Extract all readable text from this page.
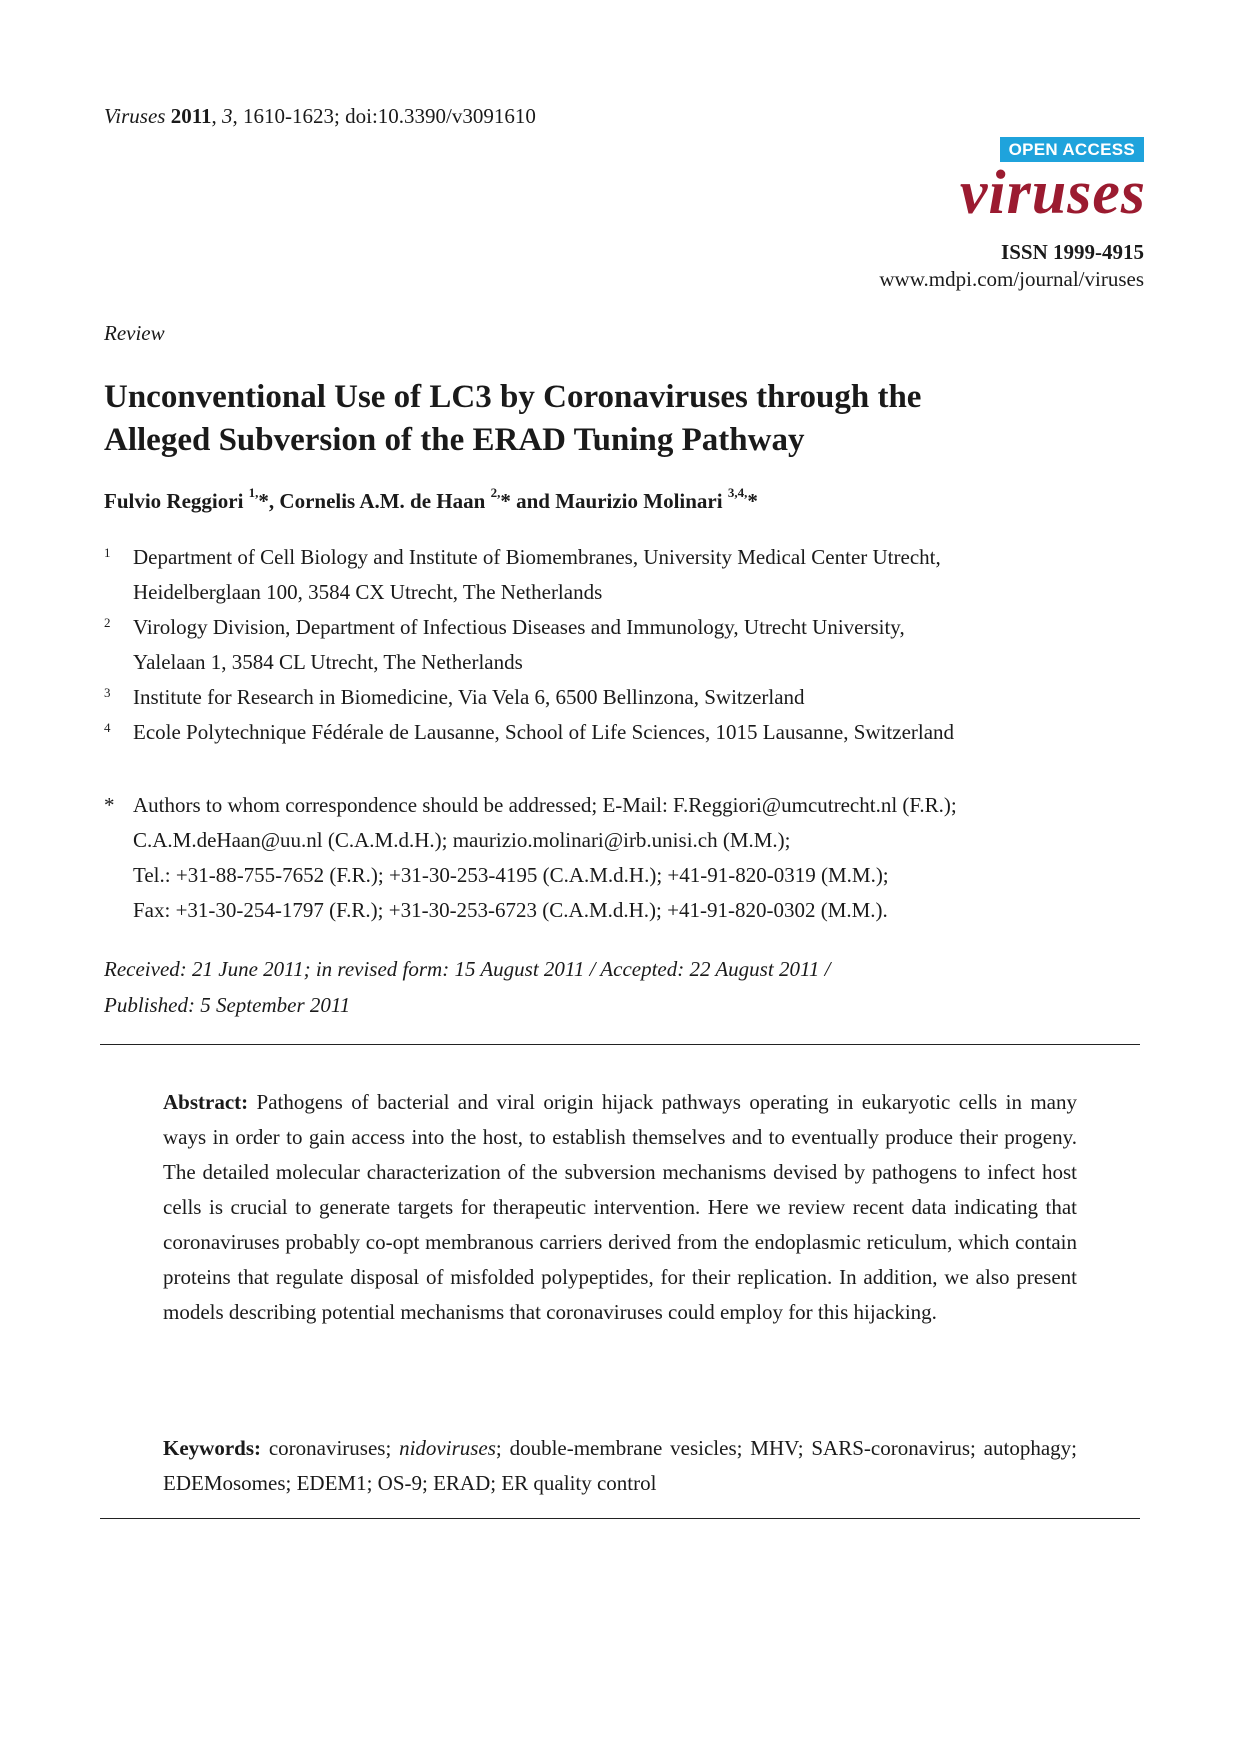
Viruses 2011, 3, 1610-1623; doi:10.3390/v3091610
OPEN ACCESS
viruses
ISSN 1999-4915
www.mdpi.com/journal/viruses
Review
Unconventional Use of LC3 by Coronaviruses through the
Alleged Subversion of the ERAD Tuning Pathway
Fulvio Reggiori $^{1,}$*, Cornelis A.M. de Haan $^{2,}$* and Maurizio Molinari $^{3,4,}$*
1 Department of Cell Biology and Institute of Biomembranes, University Medical Center Utrecht,
Heidelberglaan 100, 3584 CX Utrecht, The Netherlands
2 Virology Division, Department of Infectious Diseases and Immunology, Utrecht University,
Yalelaan 1, 3584 CL Utrecht, The Netherlands
3 Institute for Research in Biomedicine, Via Vela 6, 6500 Bellinzona, Switzerland
4 Ecole Polytechnique Fédérale de Lausanne, School of Life Sciences, 1015 Lausanne, Switzerland
* Authors to whom correspondence should be addressed; E-Mail: F.Reggiori@umcutrecht.nl (F.R.);
C.A.M.deHaan@uu.nl (C.A.M.d.H.); maurizio.molinari@irb.unisi.ch (M.M.);
Tel.: +31-88-755-7652 (F.R.); +31-30-253-4195 (C.A.M.d.H.); +41-91-820-0319 (M.M.);
Fax: +31-30-254-1797 (F.R.); +31-30-253-6723 (C.A.M.d.H.); +41-91-820-0302 (M.M.).
Received: 21 June 2011; in revised form: 15 August 2011 / Accepted: 22 August 2011 /
Published: 5 September 2011
Abstract: Pathogens of bacterial and viral origin hijack pathways operating in eukaryotic cells in many ways in order to gain access into the host, to establish themselves and to eventually produce their progeny. The detailed molecular characterization of the subversion mechanisms devised by pathogens to infect host cells is crucial to generate targets for therapeutic intervention. Here we review recent data indicating that coronaviruses probably co-opt membranous carriers derived from the endoplasmic reticulum, which contain proteins that regulate disposal of misfolded polypeptides, for their replication. In addition, we also present models describing potential mechanisms that coronaviruses could employ for this hijacking.
Keywords: coronaviruses; nidoviruses; double-membrane vesicles; MHV; SARS-coronavirus; autophagy; EDEMosomes; EDEM1; OS-9; ERAD; ER quality control
